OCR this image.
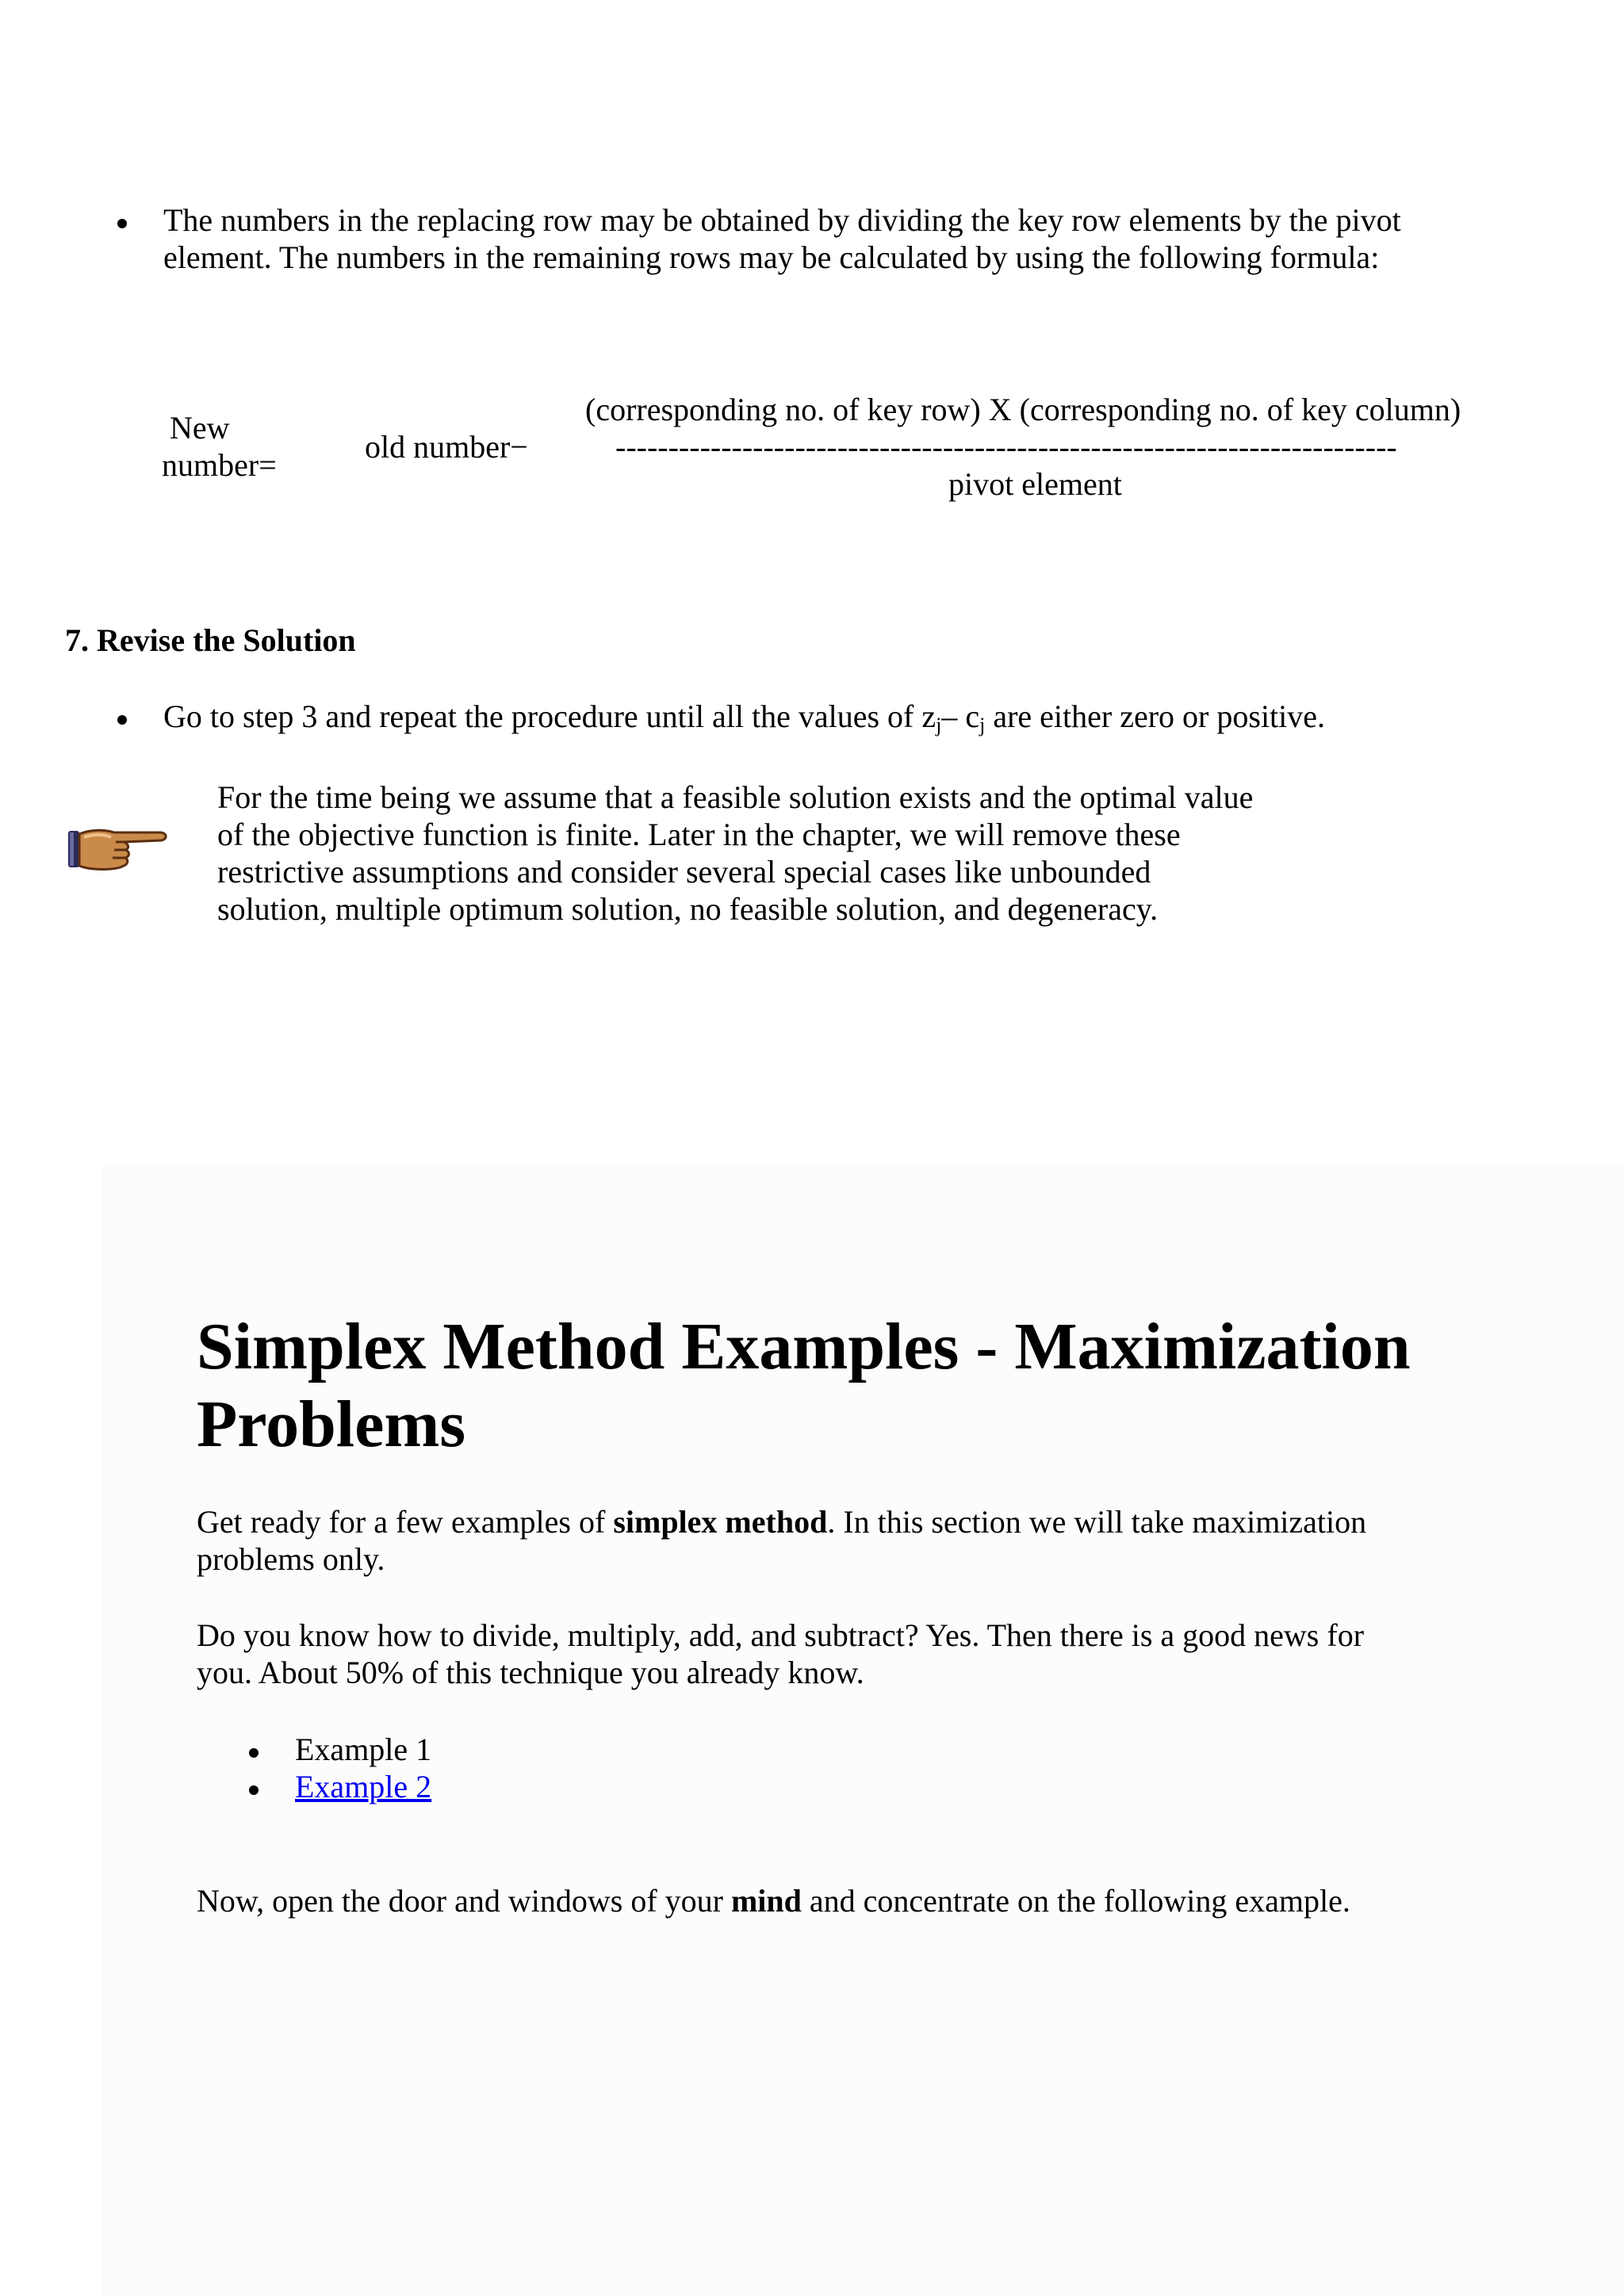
The numbers in the replacing row may be obtained by dividing the key row elements by the pivot
element. The numbers in the remaining rows may be calculated by using the following formula:
New
number=
old number−
(corresponding no. of key row) X (corresponding no. of key column)
--------------------------------------------------------------------------
pivot element
7. Revise the Solution
Go to step 3 and repeat the procedure until all the values of $z_j-$ $c_j$ are either zero or positive.
For the time being we assume that a feasible solution exists and the optimal value
of the objective function is finite. Later in the chapter, we will remove these
restrictive assumptions and consider several special cases like unbounded
solution, multiple optimum solution, no feasible solution, and degeneracy.
Simplex Method Examples - Maximization
Problems
Get ready for a few examples of simplex method. In this section we will take maximization
problems only.
Do you know how to divide, multiply, add, and subtract? Yes. Then there is a good news for
you. About 50% of this technique you already know.
Example 1
Example 2
Now, open the door and windows of your mind and concentrate on the following example.
